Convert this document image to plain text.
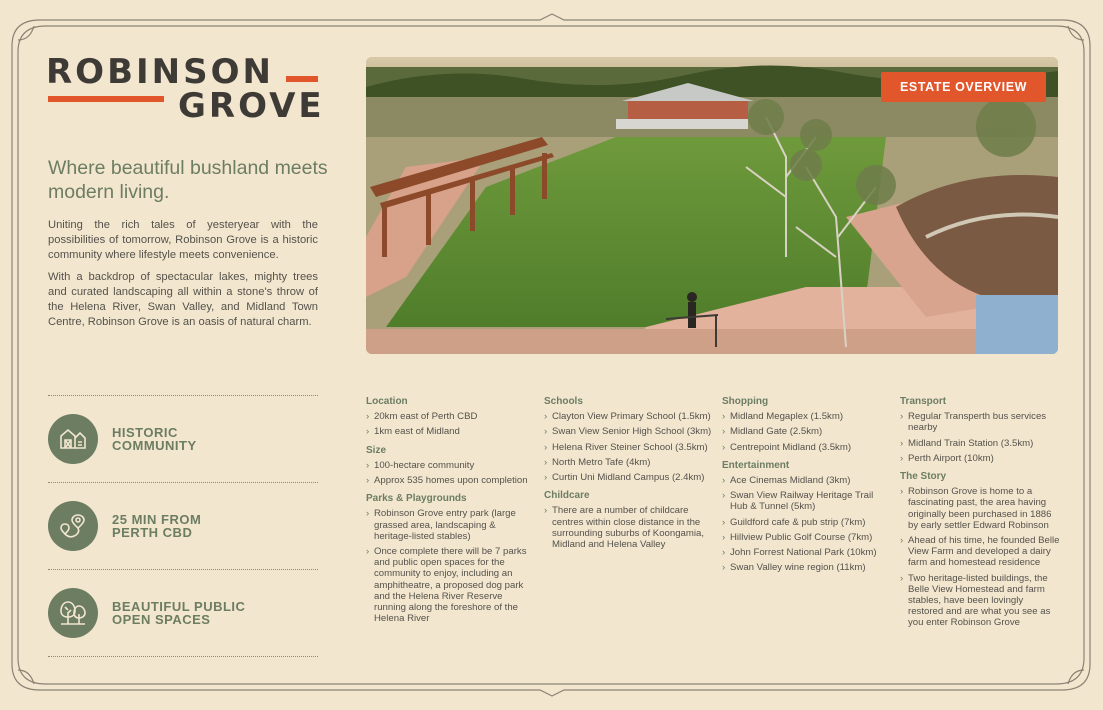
ROBINSON
GROVE
Where beautiful bushland meets modern living.

Uniting the rich tales of yesteryear with the possibilities of tomorrow, Robinson Grove is a historic community where lifestyle meets convenience.

With a backdrop of spectacular lakes, mighty trees and curated landscaping all within a stone's throw of the Helena River, Swan Valley, and Midland Town Centre, Robinson Grove is an oasis of natural charm.

ESTATE OVERVIEW
HISTORIC
COMMUNITY
25 MIN FROM
PERTH CBD
BEAUTIFUL PUBLIC
OPEN SPACES
Location
› 20km east of Perth CBD
› 1km east of Midland
Size
› 100-hectare community
› Approx 535 homes upon completion
Parks & Playgrounds
› Robinson Grove entry park (large grassed area, landscaping & heritage-listed stables)
› Once complete there will be 7 parks and public open spaces for the community to enjoy, including an amphitheatre, a proposed dog park and the Helena River Reserve running along the foreshore of the Helena River
Schools
› Clayton View Primary School (1.5km)
› Swan View Senior High School (3km)
› Helena River Steiner School (3.5km)
› North Metro Tafe (4km)
› Curtin Uni Midland Campus (2.4km)
Childcare
› There are a number of childcare centres within close distance in the surrounding suburbs of Koongamia, Midland and Helena Valley
Shopping
› Midland Megaplex (1.5km)
› Midland Gate (2.5km)
› Centrepoint Midland (3.5km)
Entertainment
› Ace Cinemas Midland (3km)
› Swan View Railway Heritage Trail Hub & Tunnel (5km)
› Guildford cafe & pub strip (7km)
› Hillview Public Golf Course (7km)
› John Forrest National Park (10km)
› Swan Valley wine region (11km)
Transport
› Regular Transperth bus services nearby
› Midland Train Station (3.5km)
› Perth Airport (10km)
The Story
› Robinson Grove is home to a fascinating past, the area having originally been purchased in 1886 by early settler Edward Robinson
› Ahead of his time, he founded Belle View Farm and developed a dairy farm and homestead residence
› Two heritage-listed buildings, the Belle View Homestead and farm stables, have been lovingly restored and are what you see as you enter Robinson Grove
